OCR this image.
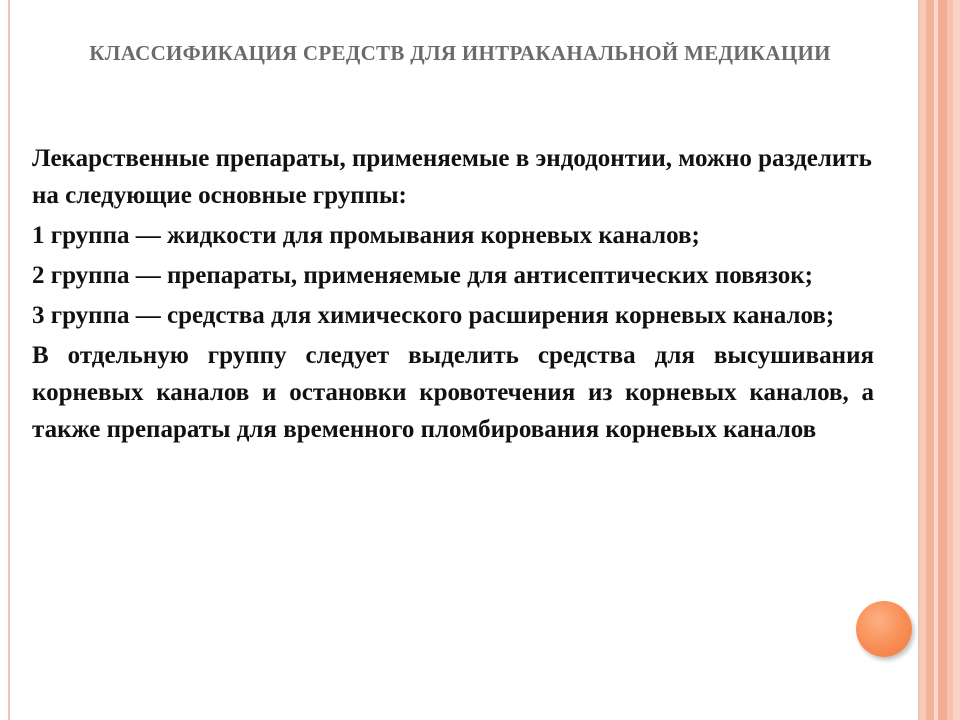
КЛАССИФИКАЦИЯ СРЕДСТВ ДЛЯ ИНТРАКАНАЛЬНОЙ МЕДИКАЦИИ

Лекарственные препараты, применяемые в эндодонтии, можно разделить на следующие основные группы:

1 группа — жидкости для промывания корневых каналов;

2 группа — препараты, применяемые для антисептических повязок;

3 группа — средства для химического расширения корневых каналов;

В отдельную группу следует выделить средства для высушивания корневых каналов и остановки кровотечения из корневых каналов, а также препараты для временного пломбирования корневых каналов
